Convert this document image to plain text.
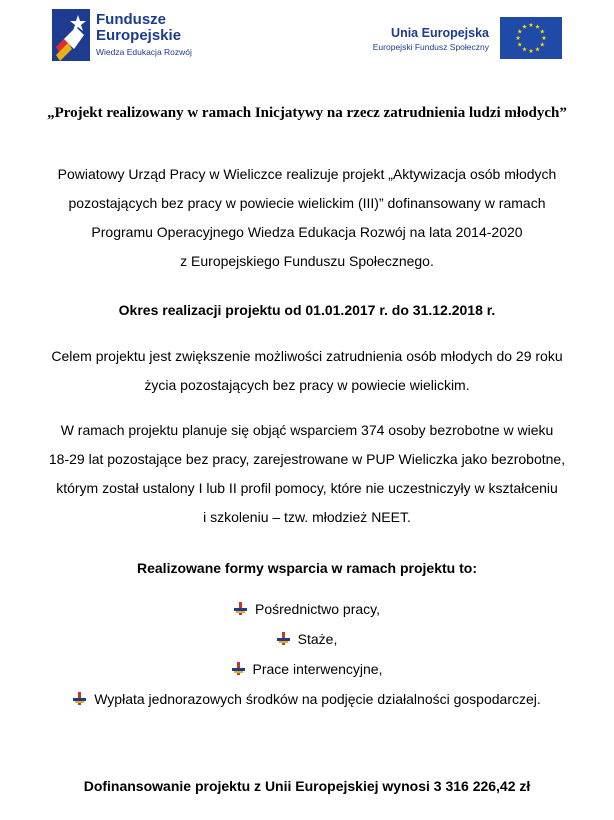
Fundusze
Europejskie
Wiedza Edukacja Rozwój
Unia Europejska
Europejski Fundusz Społeczny
„Projekt realizowany w ramach Inicjatywy na rzecz zatrudnienia ludzi młodych”
Powiatowy Urząd Pracy w Wieliczce realizuje projekt „Aktywizacja osób młodych
pozostających bez pracy w powiecie wielickim (III)” dofinansowany w ramach
Programu Operacyjnego Wiedza Edukacja Rozwój na lata 2014-2020
z Europejskiego Funduszu Społecznego.
Okres realizacji projektu od 01.01.2017 r. do 31.12.2018 r.
Celem projektu jest zwiększenie możliwości zatrudnienia osób młodych do 29 roku
życia pozostających bez pracy w powiecie wielickim.
W ramach projektu planuje się objąć wsparciem 374 osoby bezrobotne w wieku
18-29 lat pozostające bez pracy, zarejestrowane w PUP Wieliczka jako bezrobotne,
którym został ustalony I lub II profil pomocy, które nie uczestniczyły w kształceniu
i szkoleniu – tzw. młodzież NEET.
Realizowane formy wsparcia w ramach projektu to:
Pośrednictwo pracy,
Staże,
Prace interwencyjne,
Wypłata jednorazowych środków na podjęcie działalności gospodarczej.
Dofinansowanie projektu z Unii Europejskiej wynosi 3 316 226,42 zł
